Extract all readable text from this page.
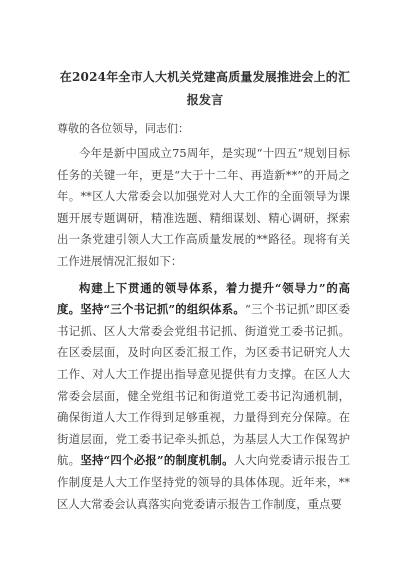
在2024年全市人大机关党建高质量发展推进会上的汇报发言
尊敬的各位领导，同志们：

今年是新中国成立75周年，是实现“十四五”规划目标任务的关键一年，更是“大于十二年、再造新**”的开局之年。**区人大常委会以加强党对人大工作的全面领导为课题开展专题调研，精准选题、精细谋划、精心调研，探索出一条党建引领人大工作高质量发展的**路径。现将有关工作进展情况汇报如下：

构建上下贯通的领导体系，着力提升“领导力”的高度。坚持“三个书记抓”的组织体系。“三个书记抓”即区委书记抓、区人大常委会党组书记抓、街道党工委书记抓。在区委层面，及时向区委汇报工作，为区委书记研究人大工作、对人大工作提出指导意见提供有力支撑。在区人大常委会层面，健全党组书记和街道党工委书记沟通机制，确保街道人大工作得到足够重视，力量得到充分保障。在街道层面，党工委书记牵头抓总，为基层人大工作保驾护航。坚持“四个必报”的制度机制。人大向党委请示报告工作制度是人大工作坚持党的领导的具体体现。近年来，**区人大常委会认真落实向党委请示报告工作制度，重点要
